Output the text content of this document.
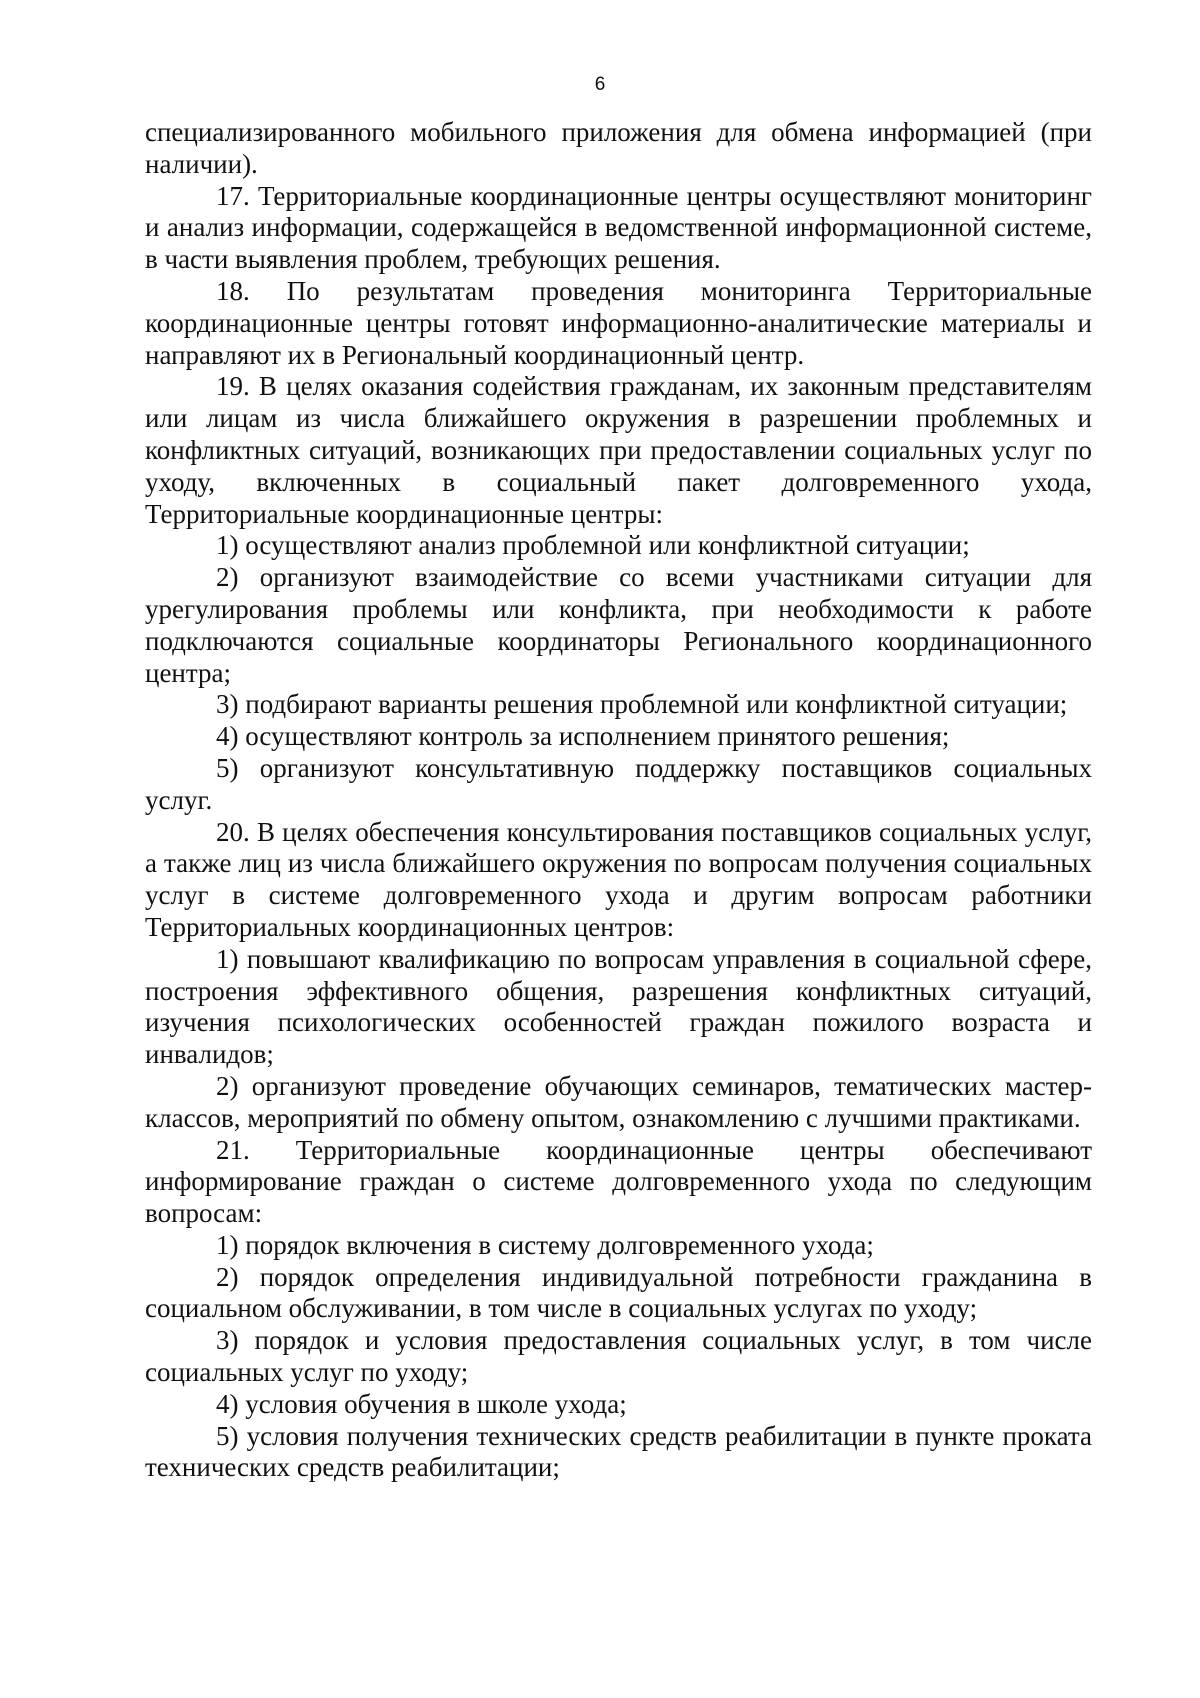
6

специализированного мобильного приложения для обмена информацией (при наличии).

17. Территориальные координационные центры осуществляют мониторинг и анализ информации, содержащейся в ведомственной информационной системе, в части выявления проблем, требующих решения.

18. По результатам проведения мониторинга Территориальные координационные центры готовят информационно-аналитические материалы и направляют их в Региональный координационный центр.

19. В целях оказания содействия гражданам, их законным представителям или лицам из числа ближайшего окружения в разрешении проблемных и конфликтных ситуаций, возникающих при предоставлении социальных услуг по уходу, включенных в социальный пакет долговременного ухода, Территориальные координационные центры:

1) осуществляют анализ проблемной или конфликтной ситуации;

2) организуют взаимодействие со всеми участниками ситуации для урегулирования проблемы или конфликта, при необходимости к работе подключаются социальные координаторы Регионального координационного центра;

3) подбирают варианты решения проблемной или конфликтной ситуации;

4) осуществляют контроль за исполнением принятого решения;

5) организуют консультативную поддержку поставщиков социальных услуг.

20. В целях обеспечения консультирования поставщиков социальных услуг, а также лиц из числа ближайшего окружения по вопросам получения социальных услуг в системе долговременного ухода и другим вопросам работники Территориальных координационных центров:

1) повышают квалификацию по вопросам управления в социальной сфере, построения эффективного общения, разрешения конфликтных ситуаций, изучения психологических особенностей граждан пожилого возраста и инвалидов;

2) организуют проведение обучающих семинаров, тематических мастер-классов, мероприятий по обмену опытом, ознакомлению с лучшими практиками.

21. Территориальные координационные центры обеспечивают информирование граждан о системе долговременного ухода по следующим вопросам:

1) порядок включения в систему долговременного ухода;

2) порядок определения индивидуальной потребности гражданина в социальном обслуживании, в том числе в социальных услугах по уходу;

3) порядок и условия предоставления социальных услуг, в том числе социальных услуг по уходу;

4) условия обучения в школе ухода;

5) условия получения технических средств реабилитации в пункте проката технических средств реабилитации;
